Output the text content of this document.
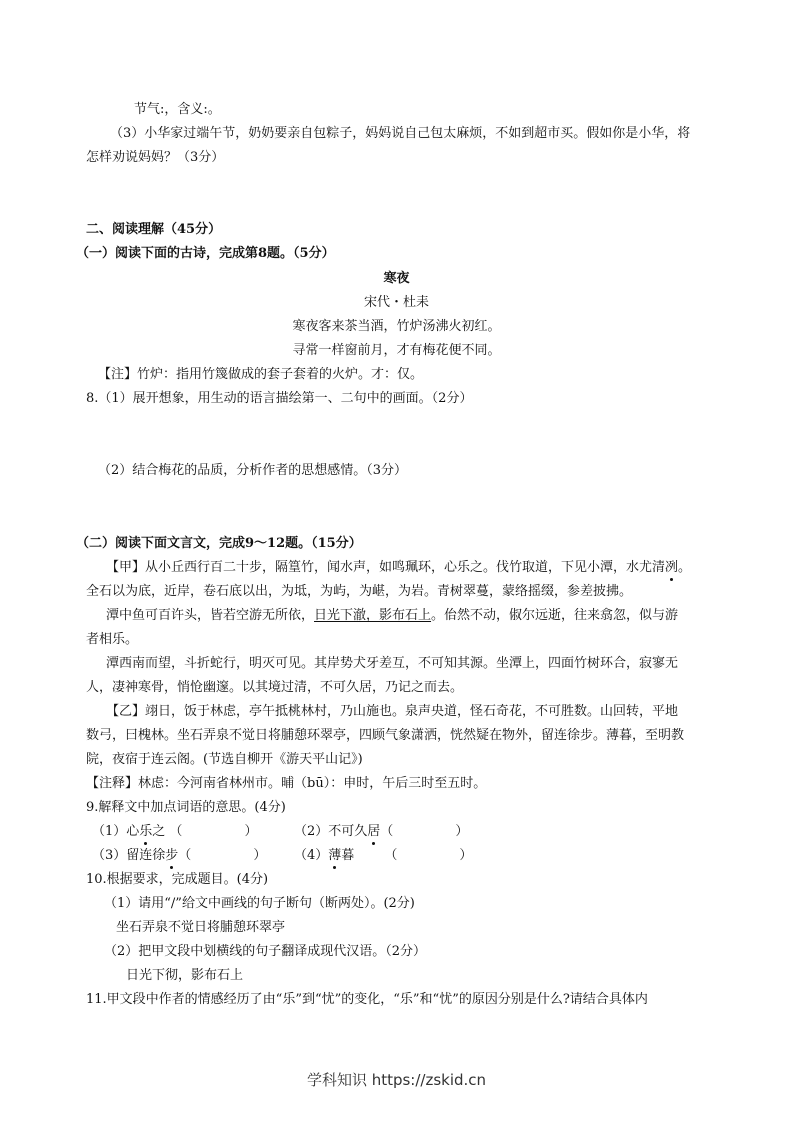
节气:，含义:。
（3）小华家过端午节，奶奶要亲自包粽子，妈妈说自己包太麻烦，不如到超市买。假如你是小华，将
怎样劝说妈妈？（3分）
二、阅读理解（45分）
（一）阅读下面的古诗，完成第8题。（5分）
寒夜
宋代・杜耒
寒夜客来茶当酒，竹炉汤沸火初红。
寻常一样窗前月，才有梅花便不同。
【注】竹炉：指用竹篾做成的套子套着的火炉。才：仅。
8.（1）展开想象，用生动的语言描绘第一、二句中的画面。（2分）
（2）结合梅花的品质，分析作者的思想感情。（3分）
（二）阅读下面文言文，完成9～12题。（15分）
【甲】从小丘西行百二十步，隔篁竹，闻水声，如鸣珮环，心乐之。伐竹取道，下见小潭，水尤清冽。
全石以为底，近岸，卷石底以出，为坻，为屿，为嵁，为岩。青树翠蔓，蒙络摇缀，参差披拂。
潭中鱼可百许头，皆若空游无所依，日光下澈，影布石上。佁然不动，俶尔远逝，往来翕忽，似与游
者相乐。
潭西南而望，斗折蛇行，明灭可见。其岸势犬牙差互，不可知其源。坐潭上，四面竹树环合，寂寥无
人，凄神寒骨，悄怆幽邃。以其境过清，不可久居，乃记之而去。
【乙】翊日，饭于林虑，亭午抵桃林村，乃山施也。泉声央道，怪石奇花，不可胜数。山回转，平地
数弓，曰槐林。坐石弄泉不觉日将脯憩环翠亭，四顾气象潇洒，恍然疑在物外，留连徐步。薄暮，至明教
院，夜宿于连云阁。(节选自柳开《游天平山记》)
【注释】林虑：今河南省林州市。晡（bū）：申时，午后三时至五时。
9.解释文中加点词语的意思。(4分)
（1）心乐之 （	）	（2）不可久居（	）
（3）留连徐步（	） （4）薄暮 （	）
10.根据要求，完成题目。(4分)
（1）请用“/”给文中画线的句子断句（断两处）。(2分)
坐石弄泉不觉日将脯憩环翠亭
（2）把甲文段中划横线的句子翻译成现代汉语。（2分）
日光下彻，影布石上
11.甲文段中作者的情感经历了由“乐”到“忧”的变化，“乐”和“忧”的原因分别是什么?请结合具体内
学科知识 https://zskid.cn
